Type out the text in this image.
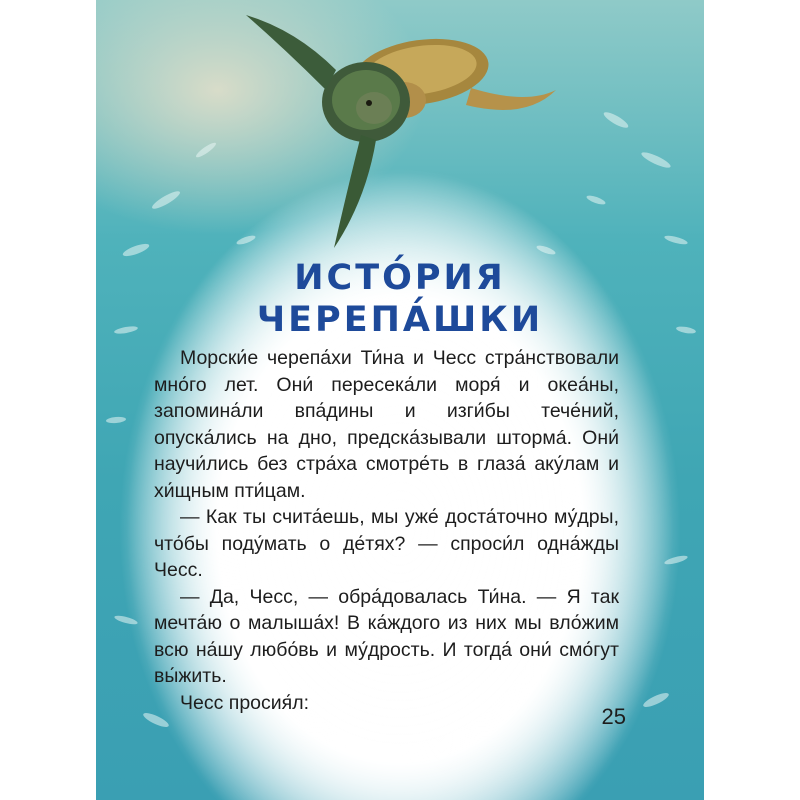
ИСТО́РИЯ
ЧЕРЕПА́ШКИ

Морски́е черепа́хи Ти́на и Чесс стра́нствовали мно́го лет. Они́ пересека́ли моря́ и океа́ны, запомина́ли впа́дины и изги́бы тече́ний, опуска́лись на дно, предска́зывали штормá. Они́ научи́лись без стра́ха смотре́ть в глаза́ аку́лам и хи́щным пти́цам.

— Как ты счита́ешь, мы уже́ доста́точно му́дры, что́бы поду́мать о де́тях? — спроси́л одна́жды Чесс.

— Да, Чесс, — обра́довалась Ти́на. — Я так мечта́ю о малыша́х! В ка́ждого из них мы вло́жим всю на́шу любо́вь и му́дрость. И тогда́ они́ смо́гут вы́жить.

Чесс просия́л:

25
